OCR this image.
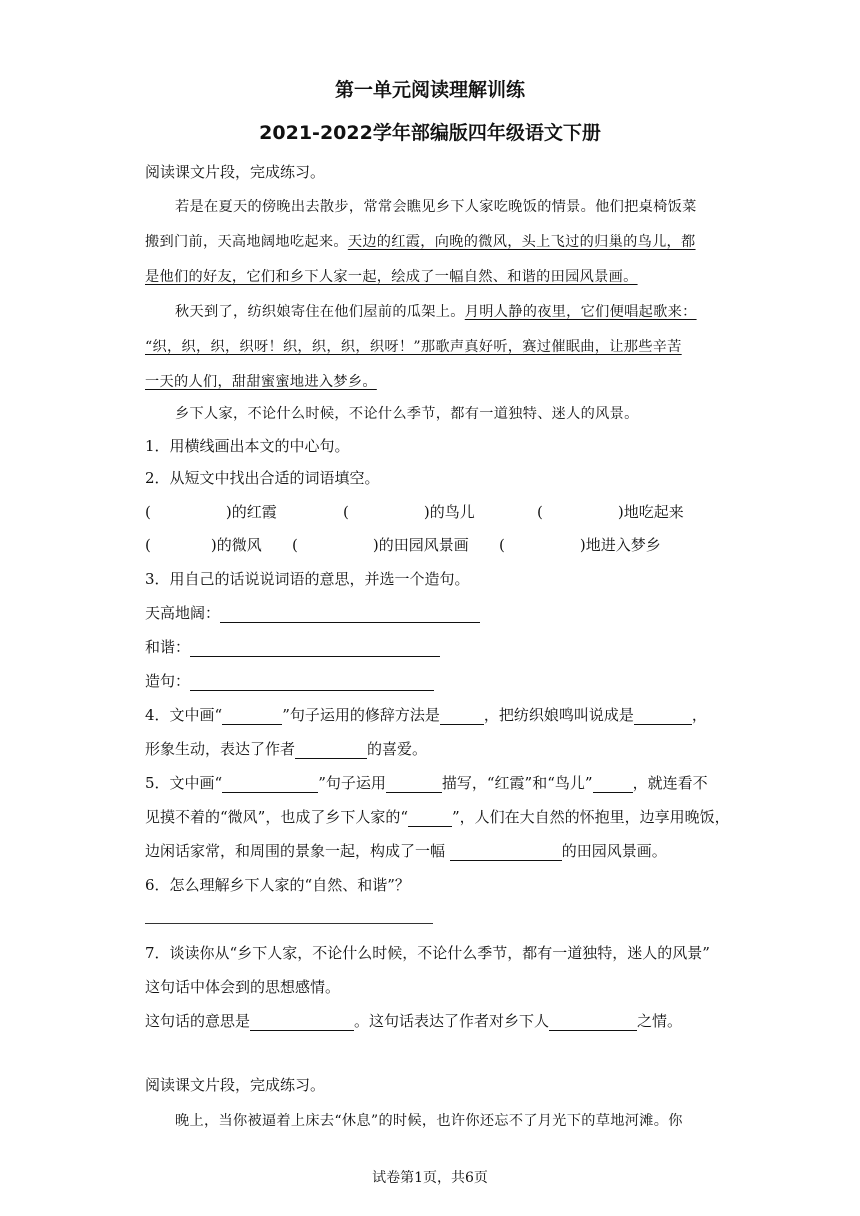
第一单元阅读理解训练
2021-2022学年部编版四年级语文下册
阅读课文片段，完成练习。
若是在夏天的傍晚出去散步，常常会瞧见乡下人家吃晚饭的情景。他们把桌椅饭菜
搬到门前，天高地阔地吃起来。天边的红霞，向晚的微风，头上飞过的归巢的鸟儿，都
是他们的好友，它们和乡下人家一起，绘成了一幅自然、和谐的田园风景画。
秋天到了，纺织娘寄住在他们屋前的瓜架上。月明人静的夜里，它们便唱起歌来：
“织，织，织，织呀！织，织，织，织呀！”那歌声真好听，赛过催眠曲，让那些辛苦
一天的人们，甜甜蜜蜜地进入梦乡。
乡下人家，不论什么时候，不论什么季节，都有一道独特、迷人的风景。
1．用横线画出本文的中心句。
2．从短文中找出合适的词语填空。
(　　　　　)的红霞	(　　　　　)的鸟儿	(　　　　　)地吃起来
(　　　　)的微风 (　　　　　)的田园风景画 (　　　　　)地进入梦乡
3．用自己的话说说词语的意思，并选一个造句。
天高地阔：
和谐：
造句：
4．文中画“	”句子运用的修辞方法是	，把纺织娘鸣叫说成是	，
形象生动，表达了作者	的喜爱。
5．文中画“	”句子运用	描写，“红霞”和“鸟儿”	，就连看不
见摸不着的“微风”，也成了乡下人家的“	”，人们在大自然的怀抱里，边享用晚饭，
边闲话家常，和周围的景象一起，构成了一幅	的田园风景画。
6．怎么理解乡下人家的“自然、和谐”？
7．谈读你从“乡下人家，不论什么时候，不论什么季节，都有一道独特，迷人的风景”
这句话中体会到的思想感情。
这句话的意思是	。这句话表达了作者对乡下人	之情。
阅读课文片段，完成练习。
晚上，当你被逼着上床去“休息”的时候，也许你还忘不了月光下的草地河滩。你
试卷第1页，共6页
